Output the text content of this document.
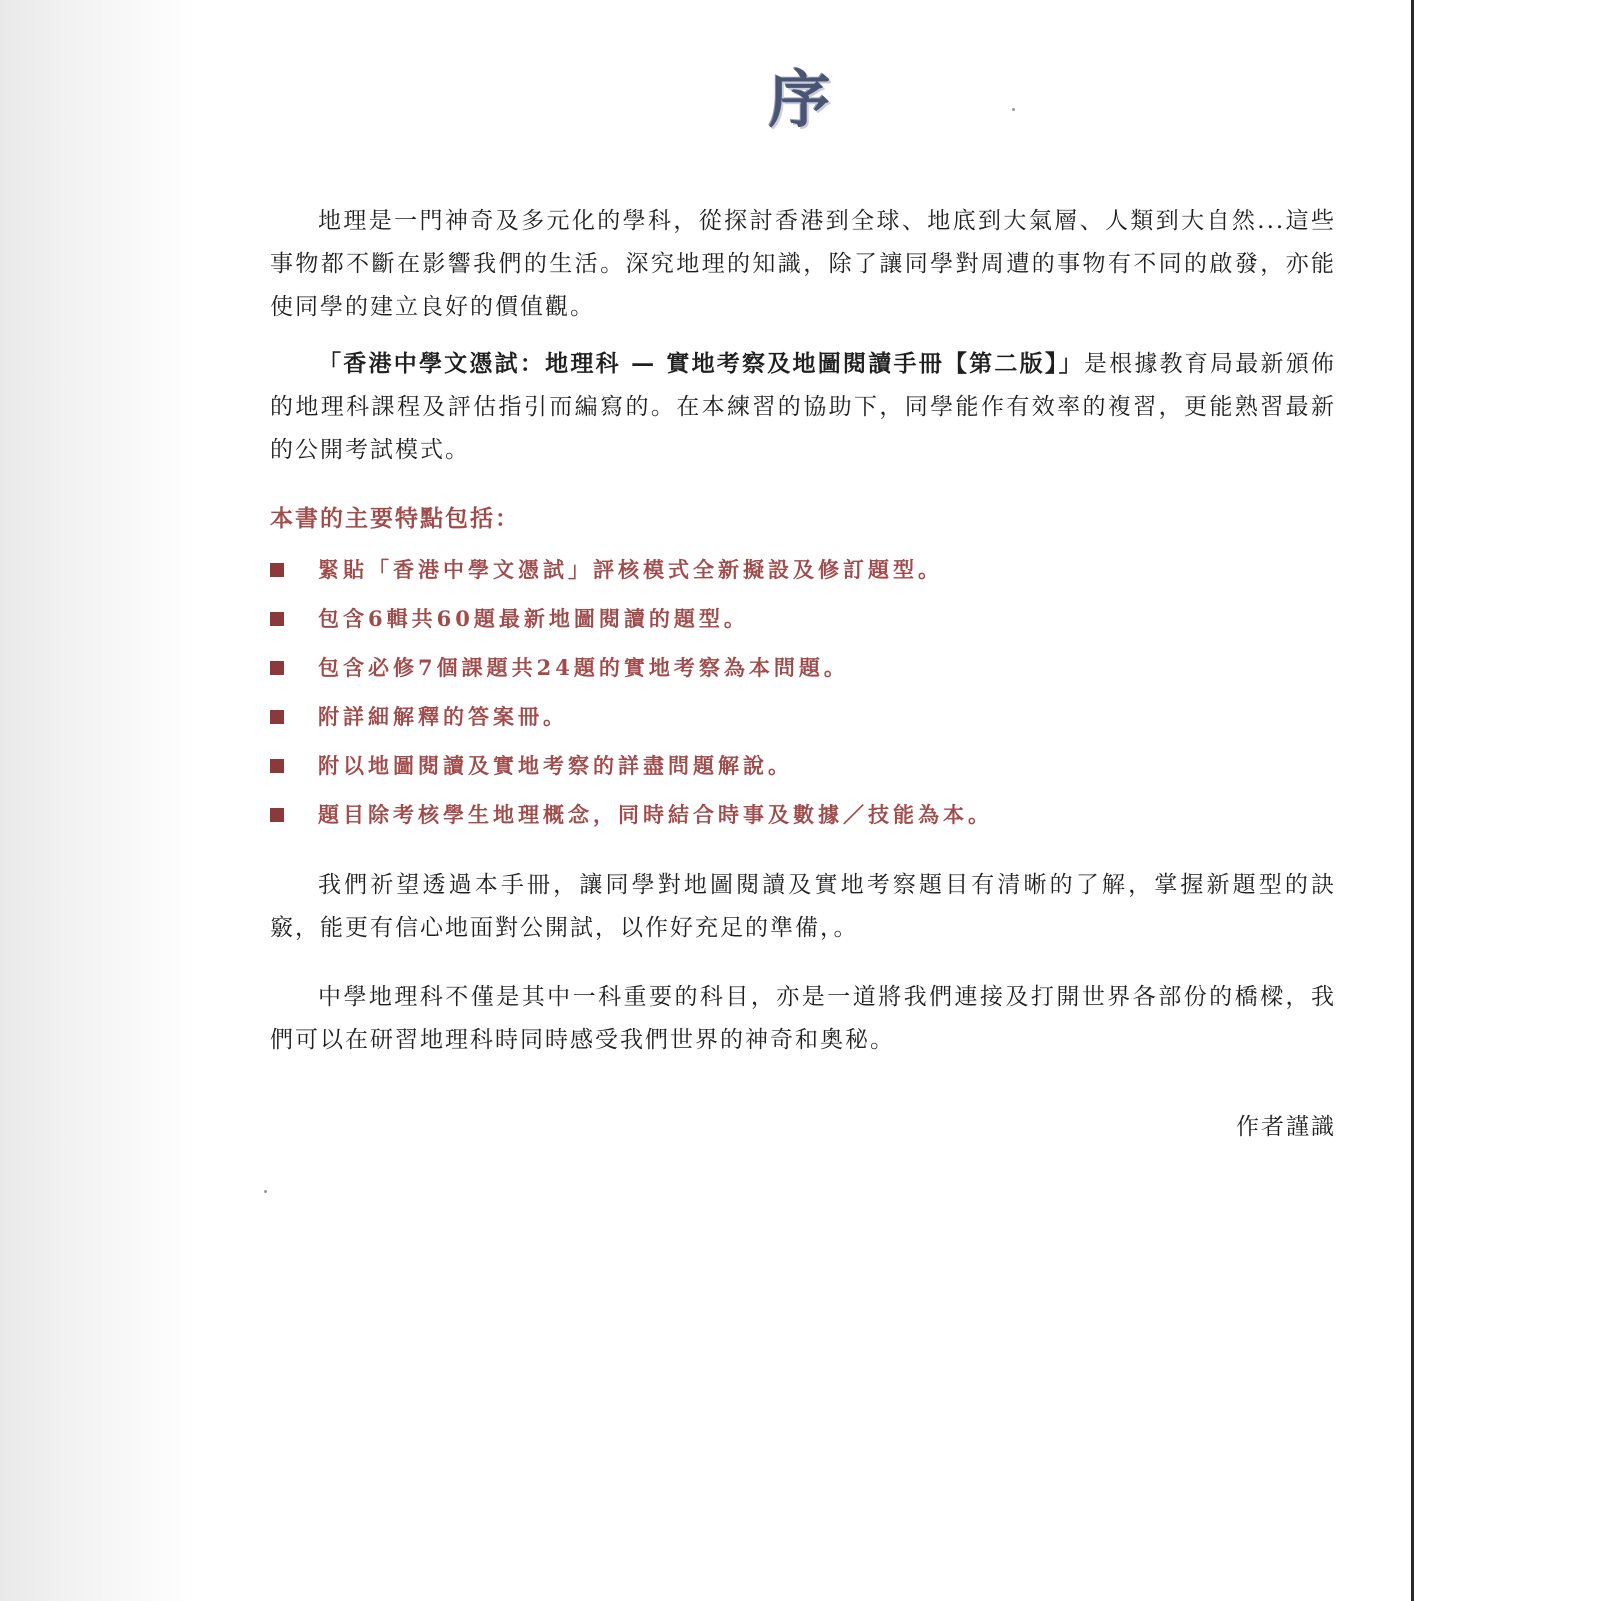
序

地理是一門神奇及多元化的學科，從探討香港到全球、地底到大氣層、人類到大自然...這些事物都不斷在影響我們的生活。深究地理的知識，除了讓同學對周遭的事物有不同的啟發，亦能使同學的建立良好的價值觀。

「香港中學文憑試：地理科 — 實地考察及地圖閱讀手冊【第二版】」是根據教育局最新頒佈的地理科課程及評估指引而編寫的。在本練習的協助下，同學能作有效率的複習，更能熟習最新的公開考試模式。

本書的主要特點包括：
緊貼「香港中學文憑試」評核模式全新擬設及修訂題型。
包含6輯共60題最新地圖閱讀的題型。
包含必修7個課題共24題的實地考察為本問題。
附詳細解釋的答案冊。
附以地圖閱讀及實地考察的詳盡問題解說。
題目除考核學生地理概念，同時結合時事及數據／技能為本。

我們祈望透過本手冊，讓同學對地圖閱讀及實地考察題目有清晰的了解，掌握新題型的訣竅，能更有信心地面對公開試，以作好充足的準備，。

中學地理科不僅是其中一科重要的科目，亦是一道將我們連接及打開世界各部份的橋樑，我們可以在研習地理科時同時感受我們世界的神奇和奧秘。

作者謹識
